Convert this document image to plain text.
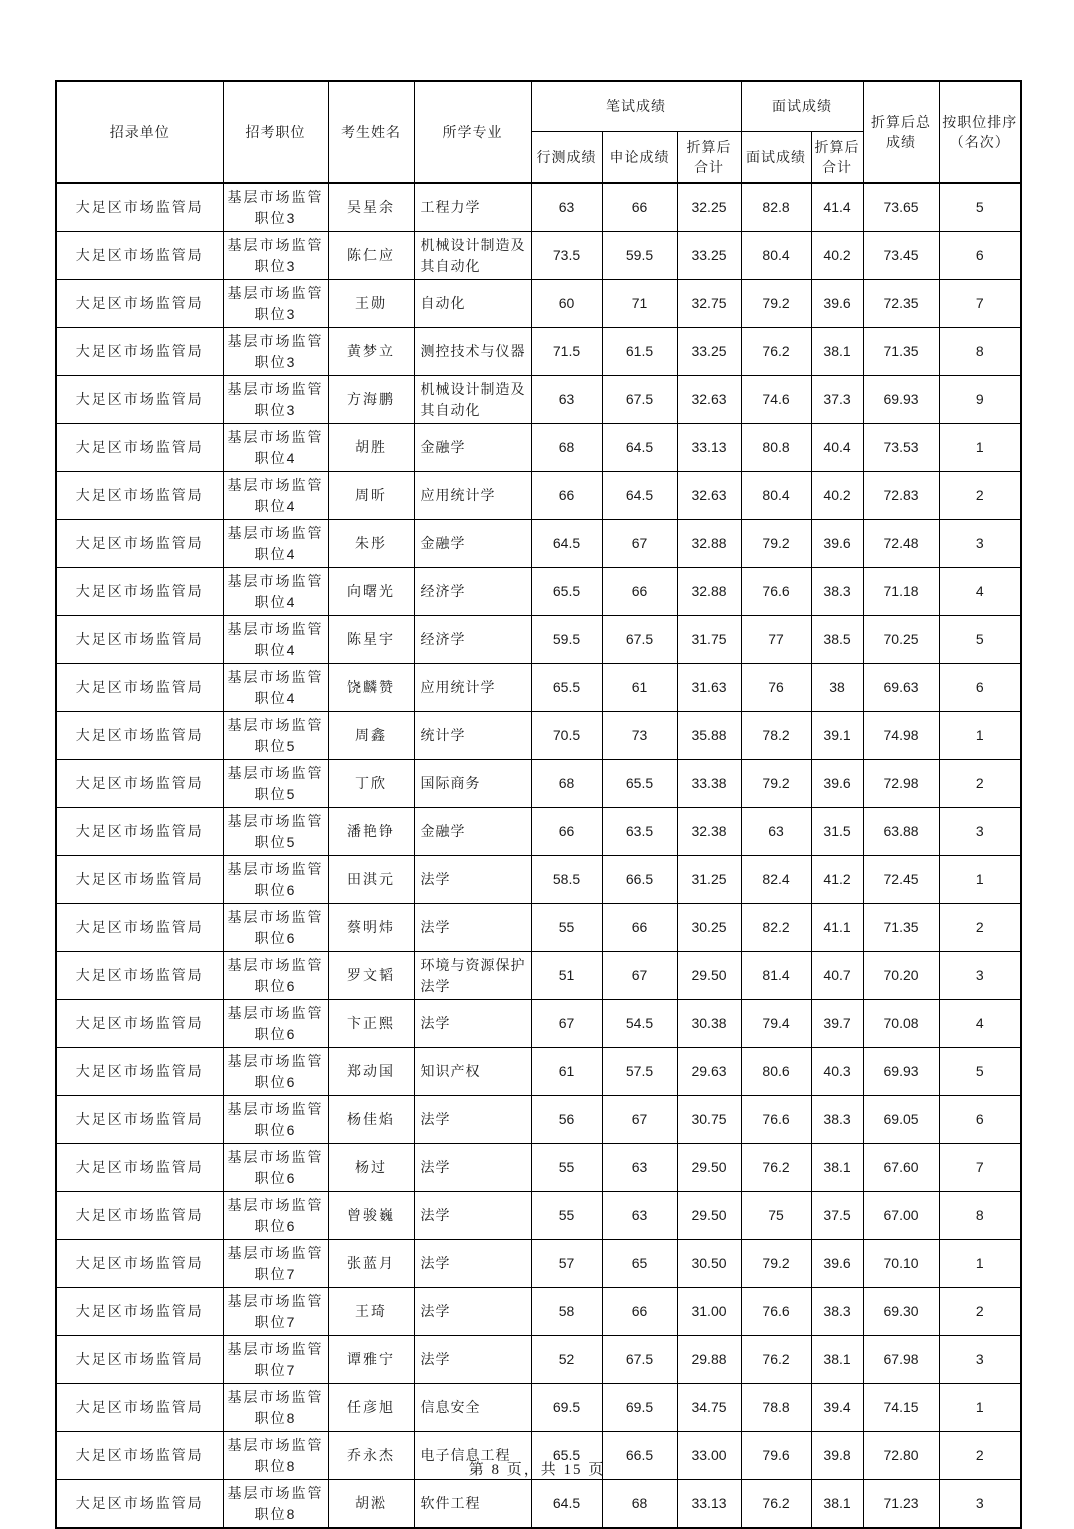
招录单位	招考职位	考生姓名	所学专业	笔试成绩			面试成绩		折算后总成绩	按职位排序（名次）
				行测成绩	申论成绩	折算后合计	面试成绩	折算后合计		
大足区市场监管局	基层市场监管职位3	吴星余	工程力学	63	66	32.25	82.8	41.4	73.65	5
大足区市场监管局	基层市场监管职位3	陈仁应	机械设计制造及其自动化	73.5	59.5	33.25	80.4	40.2	73.45	6
大足区市场监管局	基层市场监管职位3	王勋	自动化	60	71	32.75	79.2	39.6	72.35	7
大足区市场监管局	基层市场监管职位3	黄梦立	测控技术与仪器	71.5	61.5	33.25	76.2	38.1	71.35	8
大足区市场监管局	基层市场监管职位3	方海鹏	机械设计制造及其自动化	63	67.5	32.63	74.6	37.3	69.93	9
大足区市场监管局	基层市场监管职位4	胡胜	金融学	68	64.5	33.13	80.8	40.4	73.53	1
大足区市场监管局	基层市场监管职位4	周昕	应用统计学	66	64.5	32.63	80.4	40.2	72.83	2
大足区市场监管局	基层市场监管职位4	朱彤	金融学	64.5	67	32.88	79.2	39.6	72.48	3
大足区市场监管局	基层市场监管职位4	向曙光	经济学	65.5	66	32.88	76.6	38.3	71.18	4
大足区市场监管局	基层市场监管职位4	陈星宇	经济学	59.5	67.5	31.75	77	38.5	70.25	5
大足区市场监管局	基层市场监管职位4	饶麟赞	应用统计学	65.5	61	31.63	76	38	69.63	6
大足区市场监管局	基层市场监管职位5	周鑫	统计学	70.5	73	35.88	78.2	39.1	74.98	1
大足区市场监管局	基层市场监管职位5	丁欣	国际商务	68	65.5	33.38	79.2	39.6	72.98	2
大足区市场监管局	基层市场监管职位5	潘艳铮	金融学	66	63.5	32.38	63	31.5	63.88	3
大足区市场监管局	基层市场监管职位6	田淇元	法学	58.5	66.5	31.25	82.4	41.2	72.45	1
大足区市场监管局	基层市场监管职位6	蔡明炜	法学	55	66	30.25	82.2	41.1	71.35	2
大足区市场监管局	基层市场监管职位6	罗文韬	环境与资源保护法学	51	67	29.50	81.4	40.7	70.20	3
大足区市场监管局	基层市场监管职位6	卞正熙	法学	67	54.5	30.38	79.4	39.7	70.08	4
大足区市场监管局	基层市场监管职位6	郑动国	知识产权	61	57.5	29.63	80.6	40.3	69.93	5
大足区市场监管局	基层市场监管职位6	杨佳焰	法学	56	67	30.75	76.6	38.3	69.05	6
大足区市场监管局	基层市场监管职位6	杨过	法学	55	63	29.50	76.2	38.1	67.60	7
大足区市场监管局	基层市场监管职位6	曾骏巍	法学	55	63	29.50	75	37.5	67.00	8
大足区市场监管局	基层市场监管职位7	张蓝月	法学	57	65	30.50	79.2	39.6	70.10	1
大足区市场监管局	基层市场监管职位7	王琦	法学	58	66	31.00	76.6	38.3	69.30	2
大足区市场监管局	基层市场监管职位7	谭雅宁	法学	52	67.5	29.88	76.2	38.1	67.98	3
大足区市场监管局	基层市场监管职位8	任彦旭	信息安全	69.5	69.5	34.75	78.8	39.4	74.15	1
大足区市场监管局	基层市场监管职位8	乔永杰	电子信息工程	65.5	66.5	33.00	79.6	39.8	72.80	2
大足区市场监管局	基层市场监管职位8	胡淞	软件工程	64.5	68	33.13	76.2	38.1	71.23	3
第 8 页，共 15 页
